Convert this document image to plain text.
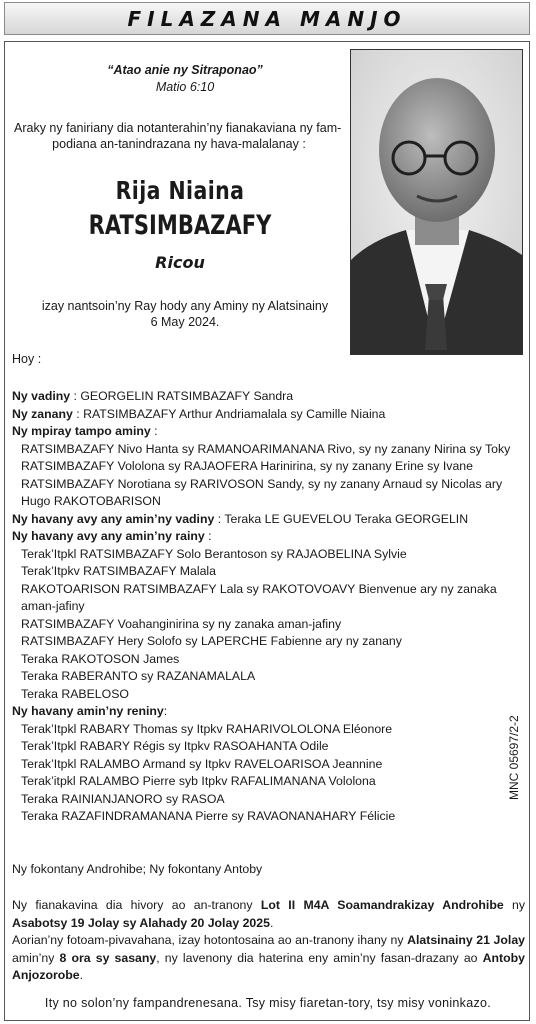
FILAZANA MANJO
“Atao anie ny Sitraponao”
Matio 6:10
Araky ny faniriany dia notanterahin’ny fianakaviana ny fam-

podiana an-tanindrazana ny hava-malalanay :
Rija Niaina
RATSIMBAZAFY
Ricou
izay nantsoin’ny Ray hody any Aminy ny Alatsinainy
6 May 2024.
Hoy :
Ny vadiny : GEORGELIN RATSIMBAZAFY Sandra
Ny zanany : RATSIMBAZAFY Arthur Andriamalala sy Camille Niaina
Ny mpiray tampo aminy :
RATSIMBAZAFY Nivo Hanta sy RAMANOARIMANANA Rivo, sy ny zanany Nirina sy Toky
RATSIMBAZAFY Vololona sy RAJAOFERA Harinirina, sy ny zanany Erine sy Ivane
RATSIMBAZAFY Norotiana sy RARIVOSON Sandy, sy ny zanany Arnaud sy Nicolas ary
Hugo RAKOTOBARISON
Ny havany avy any amin’ny vadiny : Teraka LE GUEVELOU Teraka GEORGELIN
Ny havany avy any amin’ny rainy :
Terak’Itpkl RATSIMBAZAFY Solo Berantoson sy RAJAOBELINA Sylvie
Terak’Itpkv RATSIMBAZAFY Malala
RAKOTOARISON RATSIMBAZAFY Lala sy RAKOTOVOAVY Bienvenue ary ny zanaka
aman-jafiny
RATSIMBAZAFY Voahanginirina sy ny zanaka aman-jafiny
RATSIMBAZAFY Hery Solofo sy LAPERCHE Fabienne ary ny zanany
Teraka RAKOTOSON James
Teraka RABERANTO sy RAZANAMALALA
Teraka RABELOSO
Ny havany amin’ny reniny:
Terak’Itpkl RABARY Thomas sy Itpkv RAHARIVOLOLONA Eléonore
Terak’Itpkl RABARY Régis sy Itpkv RASOAHANTA Odile
Terak’Itpkl RALAMBO Armand sy Itpkv RAVELOARISOA Jeannine
Terak’itpkl RALAMBO Pierre syb Itpkv RAFALIMANANA Vololona
Teraka RAINIANJANORO sy RASOA
Teraka RAZAFINDRAMANANA Pierre sy RAVAONANAHARY Félicie
MNC 05697/2-2
Ny fokontany Androhibe; Ny fokontany Antoby
Ny fianakavina dia hivory ao an-tranony Lot II M4A Soamandrakizay Androhibe ny Asabotsy 19 Jolay sy Alahady 20 Jolay 2025.
Aorian’ny fotoam-pivavahana, izay hotontosaina ao an-tranony ihany ny Alatsinainy 21 Jolay amin’ny 8 ora sy sasany, ny lavenony dia haterina eny amin’ny fasan-drazany ao Antoby Anjozorobe.
Ity no solon’ny fampandrenesana. Tsy misy fiaretan-tory, tsy misy voninkazo.
